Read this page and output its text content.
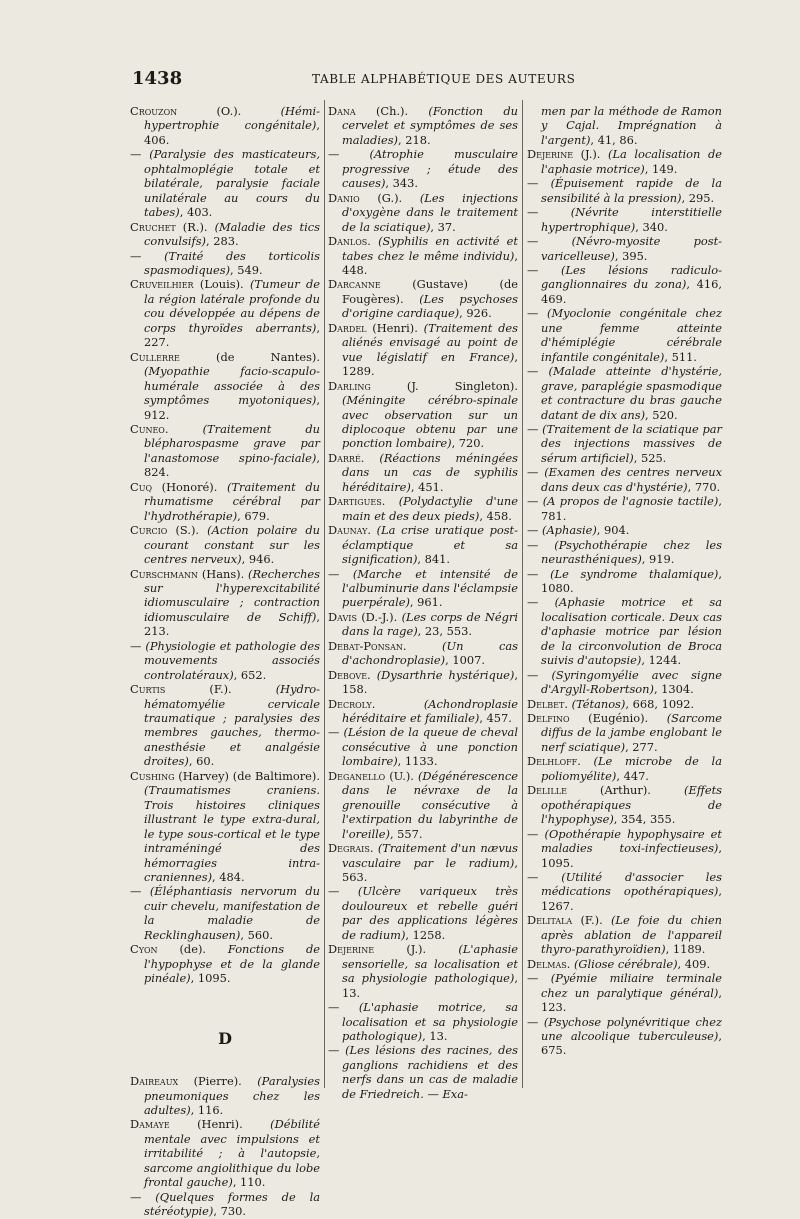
1438	TABLE ALPHABÉTIQUE DES AUTEURS

Crouzon (O.). (Hémi-hypertrophie congénitale), 406.

— (Paralysie des masticateurs, ophtalmoplégie totale et bilatérale, paralysie faciale unilatérale au cours du tabes), 403.

Cruchet (R.). (Maladie des tics convulsifs), 283.

— (Traité des torticolis spasmodiques), 549.

Cruveilhier (Louis). (Tumeur de la région latérale profonde du cou développée au dépens de corps thyroïdes aberrants), 227.

Cullerre (de Nantes). (Myopathie facio-scapulo-humérale associée à des symptômes myotoniques), 912.

Cuneo. (Traitement du blépharospasme grave par l'anastomose spino-faciale), 824.

Cuq (Honoré). (Traitement du rhumatisme cérébral par l'hydrothérapie), 679.

Curcio (S.). (Action polaire du courant constant sur les centres nerveux), 946.

Curschmann (Hans). (Recherches sur l'hyperexcitabilité idiomusculaire ; contraction idiomusculaire de Schiff), 213.

— (Physiologie et pathologie des mouvements associés controlatéraux), 652.

Curtis (F.). (Hydro-hématomyélie cervicale traumatique ; paralysies des membres gauches, thermo-anesthésie et analgésie droites), 60.

Cushing (Harvey) (de Baltimore). (Traumatismes craniens. Trois histoires cliniques illustrant le type extra-dural, le type sous-cortical et le type intraméningé des hémorragies intra-craniennes), 484.

— (Éléphantiasis nervorum du cuir chevelu, manifestation de la maladie de Recklinghausen), 560.

Cyon (de). Fonctions de l'hypophyse et de la glande pinéale), 1095.

D

Daireaux (Pierre). (Paralysies pneumoniques chez les adultes), 116.

Damaye (Henri). (Débilité mentale avec impulsions et irritabilité ; à l'autopsie, sarcome angiolithique du lobe frontal gauche), 110.

— (Quelques formes de la stéréotypie), 730.

Dana (Ch.). (Fonction du cervelet et symptômes de ses maladies), 218.

— (Atrophie musculaire progressive ; étude des causes), 343.

Danio (G.). (Les injections d'oxygène dans le traitement de la sciatique), 37.

Danlos. (Syphilis en activité et tabes chez le même individu), 448.

Darcanne (Gustave) (de Fougères). (Les psychoses d'origine cardiaque), 926.

Dardel (Henri). (Traitement des aliénés envisagé au point de vue législatif en France), 1289.

Darling (J. Singleton). (Méningite cérébro-spinale avec observation sur un diplocoque obtenu par une ponction lombaire), 720.

Darré. (Réactions méningées dans un cas de syphilis héréditaire), 451.

Dartigues. (Polydactylie d'une main et des deux pieds), 458.

Daunay. (La crise uratique post-éclamptique et sa signification), 841.

— (Marche et intensité de l'albuminurie dans l'éclampsie puerpérale), 961.

Davis (D.-J.). (Les corps de Négri dans la rage), 23, 553.

Debat-Ponsan. (Un cas d'achondroplasie), 1007.

Debove. (Dysarthrie hystérique), 158.

Decroly. (Achondroplasie héréditaire et familiale), 457.

— (Lésion de la queue de cheval consécutive à une ponction lombaire), 1133.

Deganello (U.). (Dégénérescence dans le névraxe de la grenouille consécutive à l'extirpation du labyrinthe de l'oreille), 557.

Degrais. (Traitement d'un nævus vasculaire par le radium), 563.

— (Ulcère variqueux très douloureux et rebelle guéri par des applications légères de radium), 1258.

Dejerine (J.). (L'aphasie sensorielle, sa localisation et sa physiologie pathologique), 13.

— (L'aphasie motrice, sa localisation et sa physiologie pathologique), 13.

— (Les lésions des racines, des ganglions rachidiens et des nerfs dans un cas de maladie de Friedreich. — Exa-

men par la méthode de Ramon y Cajal. Imprégnation à l'argent), 41, 86.

Dejerine (J.). (La localisation de l'aphasie motrice), 149.

— (Épuisement rapide de la sensibilité à la pression), 295.

— (Névrite interstitielle hypertrophique), 340.

— (Névro-myosite post-varicelleuse), 395.

— (Les lésions radiculo-ganglionnaires du zona), 416, 469.

— (Myoclonie congénitale chez une femme atteinte d'hémiplégie cérébrale infantile congénitale), 511.

— (Malade atteinte d'hystérie, grave, paraplégie spasmodique et contracture du bras gauche datant de dix ans), 520.

— (Traitement de la sciatique par des injections massives de sérum artificiel), 525.

— (Examen des centres nerveux dans deux cas d'hystérie), 770.

— (A propos de l'agnosie tactile), 781.

— (Aphasie), 904.

— (Psychothérapie chez les neurasthéniques), 919.

— (Le syndrome thalamique), 1080.

— (Aphasie motrice et sa localisation corticale. Deux cas d'aphasie motrice par lésion de la circonvolution de Broca suivis d'autopsie), 1244.

— (Syringomyélie avec signe d'Argyll-Robertson), 1304.

Delbet. (Tétanos), 668, 1092.

Delfino (Eugénio). (Sarcome diffus de la jambe englobant le nerf sciatique), 277.

Delhloff. (Le microbe de la poliomyélite), 447.

Delille (Arthur). (Effets opothérapiques de l'hypophyse), 354, 355.

— (Opothérapie hypophysaire et maladies toxi-infectieuses), 1095.

— (Utilité d'associer les médications opothérapiques), 1267.

Delitala (F.). (Le foie du chien après ablation de l'appareil thyro-parathyroïdien), 1189.

Delmas. (Gliose cérébrale), 409.

— (Pyémie miliaire terminale chez un paralytique général), 123.

— (Psychose polynévritique chez une alcoolique tuberculeuse), 675.
